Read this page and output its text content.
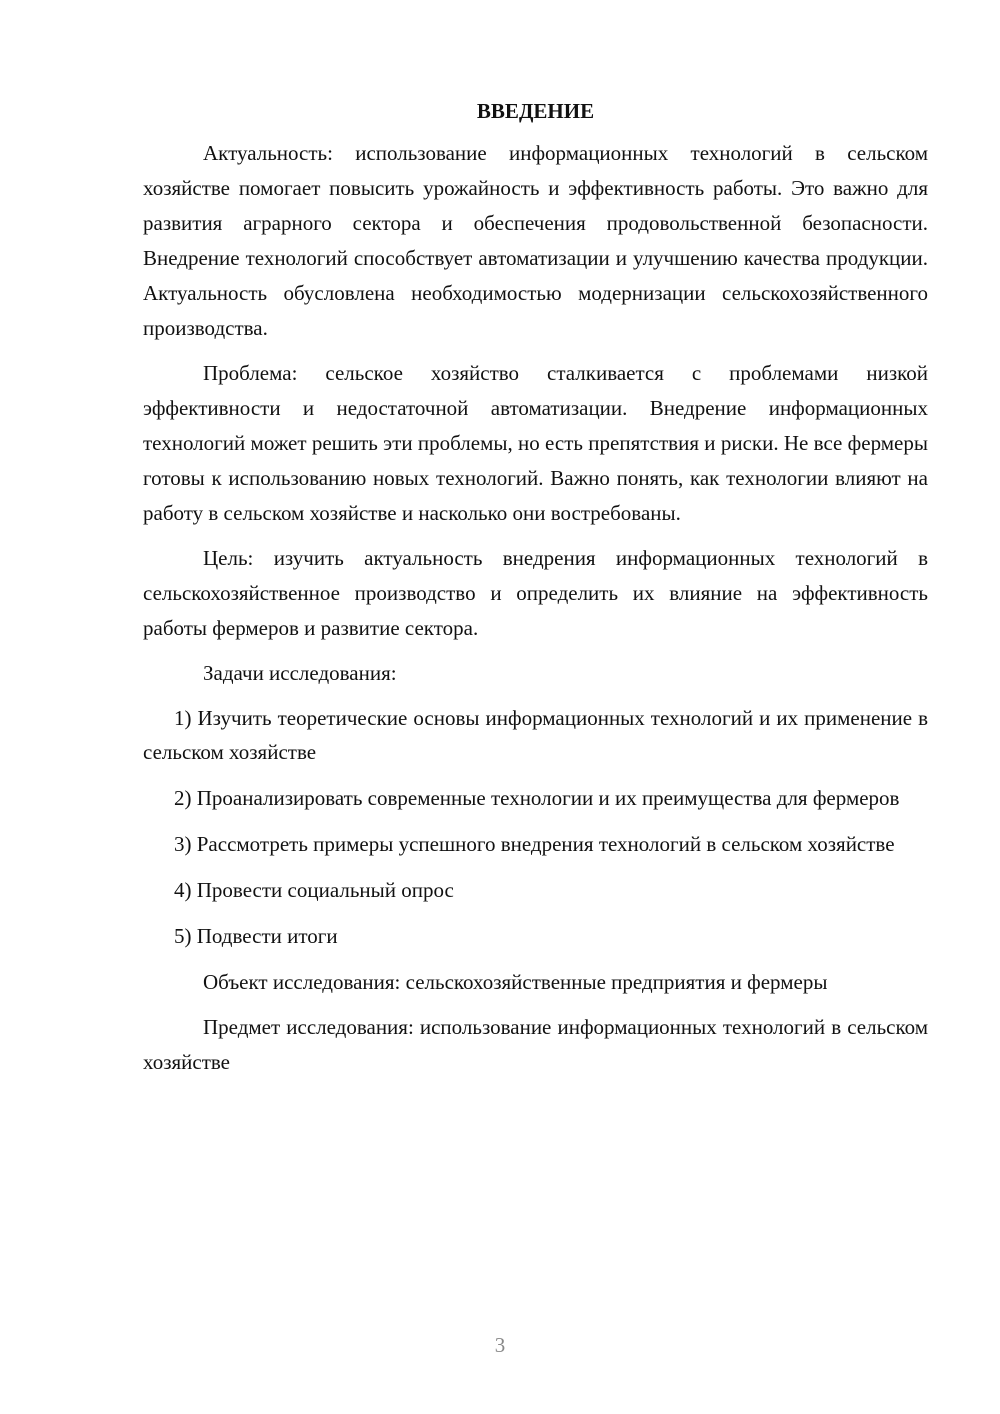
ВВЕДЕНИЕ

Актуальность: использование информационных технологий в сельском хозяйстве помогает повысить урожайность и эффективность работы. Это важно для развития аграрного сектора и обеспечения продовольственной безопасности. Внедрение технологий способствует автоматизации и улучшению качества продукции. Актуальность обусловлена необходимостью модернизации сельскохозяйственного производства.

Проблема: сельское хозяйство сталкивается с проблемами низкой эффективности и недостаточной автоматизации. Внедрение информационных технологий может решить эти проблемы, но есть препятствия и риски. Не все фермеры готовы к использованию новых технологий. Важно понять, как технологии влияют на работу в сельском хозяйстве и насколько они востребованы.

Цель: изучить актуальность внедрения информационных технологий в сельскохозяйственное производство и определить их влияние на эффективность работы фермеров и развитие сектора.

Задачи исследования:

1) Изучить теоретические основы информационных технологий и их применение в сельском хозяйстве

2) Проанализировать современные технологии и их преимущества для фермеров

3) Рассмотреть примеры успешного внедрения технологий в сельском хозяйстве

4) Провести социальный опрос

5) Подвести итоги

Объект исследования: сельскохозяйственные предприятия и фермеры

Предмет исследования: использование информационных технологий в сельском хозяйстве

3
